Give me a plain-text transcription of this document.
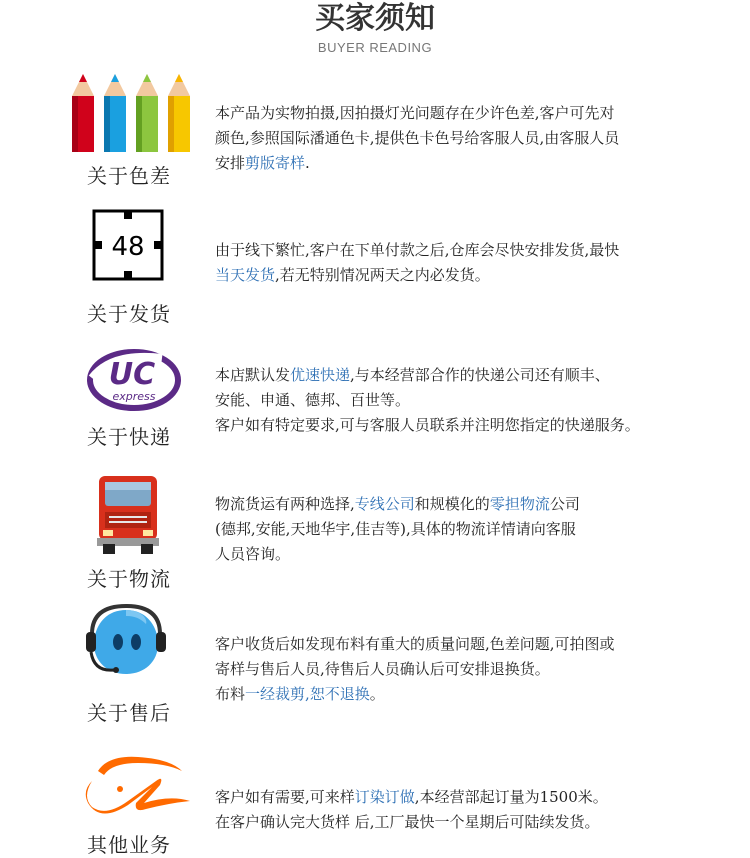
买家须知
BUYER READING
关于色差
本产品为实物拍摄,因拍摄灯光问题存在少许色差,客户可先对
颜色,参照国际潘通色卡,提供色卡色号给客服人员,由客服人员
安排剪版寄样.
48
关于发货
由于线下繁忙,客户在下单付款之后,仓库会尽快安排发货,最快
当天发货,若无特别情况两天之内必发货。
UC
express
关于快递
本店默认发优速快递,与本经营部合作的快递公司还有顺丰、
安能、申通、德邦、百世等。
客户如有特定要求,可与客服人员联系并注明您指定的快递服务。
关于物流
物流货运有两种选择,专线公司和规模化的零担物流公司
(德邦,安能,天地华宇,佳吉等),具体的物流详情请向客服
人员咨询。
关于售后
客户收货后如发现布料有重大的质量问题,色差问题,可拍图或
寄样与售后人员,待售后人员确认后可安排退换货。
布料一经裁剪,恕不退换。
其他业务
客户如有需要,可来样订染订做,本经营部起订量为1500米。
在客户确认完大货样 后,工厂最快一个星期后可陆续发货。
